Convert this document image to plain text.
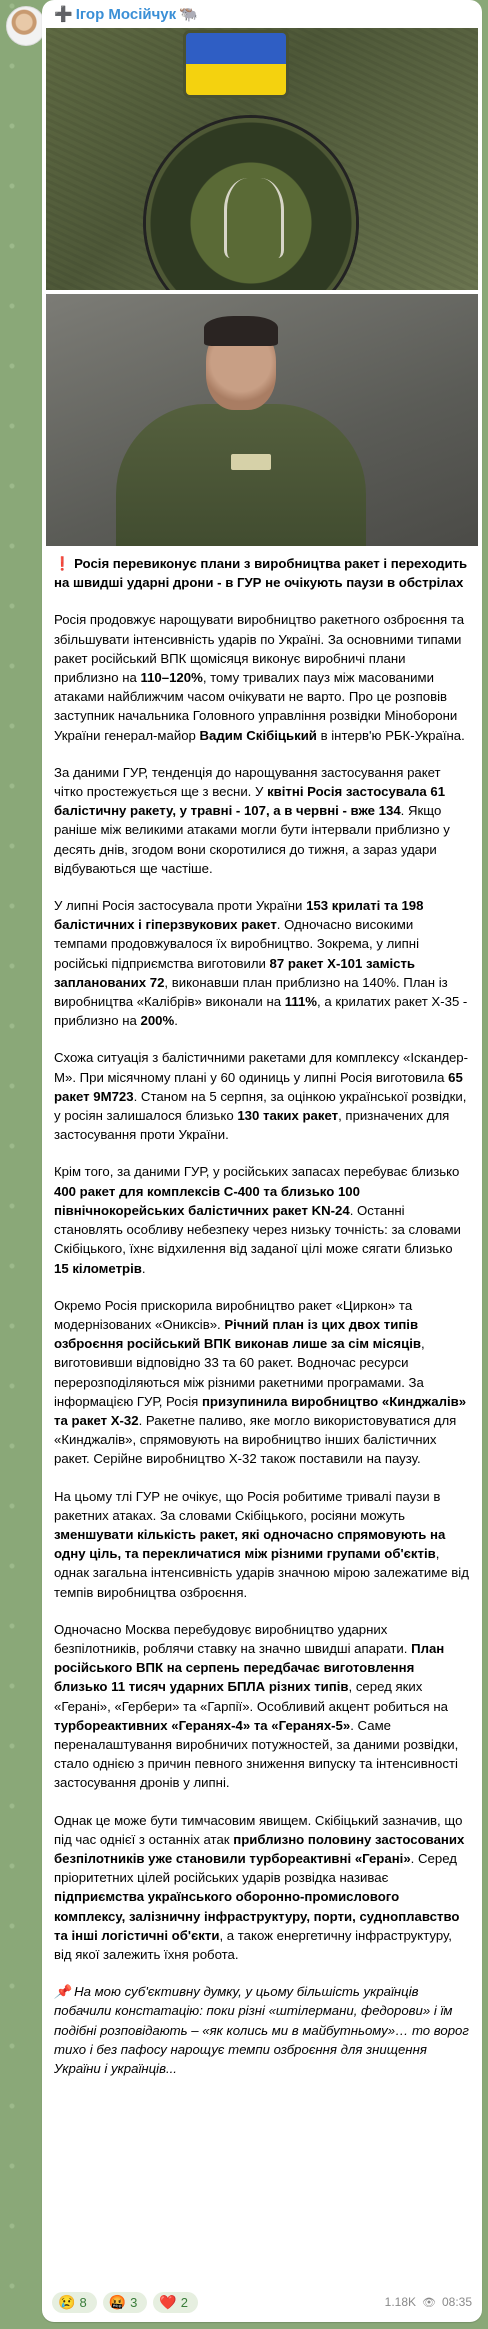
➕ Ігор Мосійчук 🐃

❗ Росія перевиконує плани з виробництва ракет і переходить на швидші ударні дрони - в ГУР не очікують паузи в обстрілах

Росія продовжує нарощувати виробництво ракетного озброєння та збільшувати інтенсивність ударів по Україні. За основними типами ракет російський ВПК щомісяця виконує виробничі плани приблизно на 110–120%, тому тривалих пауз між масованими атаками найближчим часом очікувати не варто. Про це розповів заступник начальника Головного управління розвідки Міноборони України генерал-майор Вадим Скібіцький в інтерв'ю РБК-Україна.

За даними ГУР, тенденція до нарощування застосування ракет чітко простежується ще з весни. У квітні Росія застосувала 61 балістичну ракету, у травні - 107, а в червні - вже 134. Якщо раніше між великими атаками могли бути інтервали приблизно у десять днів, згодом вони скоротилися до тижня, а зараз удари відбуваються ще частіше.

У липні Росія застосувала проти України 153 крилаті та 198 балістичних і гіперзвукових ракет. Одночасно високими темпами продовжувалося їх виробництво. Зокрема, у липні російські підприємства виготовили 87 ракет Х-101 замість запланованих 72, виконавши план приблизно на 140%. План із виробництва «Калібрів» виконали на 111%, а крилатих ракет Х-35 - приблизно на 200%.

Схожа ситуація з балістичними ракетами для комплексу «Іскандер-М». При місячному плані у 60 одиниць у липні Росія виготовила 65 ракет 9М723. Станом на 5 серпня, за оцінкою української розвідки, у росіян залишалося близько 130 таких ракет, призначених для застосування проти України.

Крім того, за даними ГУР, у російських запасах перебуває близько 400 ракет для комплексів С-400 та близько 100 північнокорейських балістичних ракет KN-24. Останні становлять особливу небезпеку через низьку точність: за словами Скібіцького, їхнє відхилення від заданої цілі може сягати близько 15 кілометрів.

Окремо Росія прискорила виробництво ракет «Циркон» та модернізованих «Ониксів». Річний план із цих двох типів озброєння російський ВПК виконав лише за сім місяців, виготовивши відповідно 33 та 60 ракет. Водночас ресурси перерозподіляються між різними ракетними програмами. За інформацією ГУР, Росія призупинила виробництво «Кинджалів» та ракет Х-32. Ракетне паливо, яке могло використовуватися для «Кинджалів», спрямовують на виробництво інших балістичних ракет. Серійне виробництво Х-32 також поставили на паузу.

На цьому тлі ГУР не очікує, що Росія робитиме тривалі паузи в ракетних атаках. За словами Скібіцького, росіяни можуть зменшувати кількість ракет, які одночасно спрямовують на одну ціль, та перекличатися між різними групами об'єктів, однак загальна інтенсивність ударів значною мірою залежатиме від темпів виробництва озброєння.

Одночасно Москва перебудовує виробництво ударних безпілотників, роблячи ставку на значно швидші апарати. План російського ВПК на серпень передбачає виготовлення близько 11 тисяч ударних БПЛА різних типів, серед яких «Герані», «Гербери» та «Гарпії». Особливий акцент робиться на турбореактивних «Геранях-4» та «Геранях-5». Саме переналаштування виробничих потужностей, за даними розвідки, стало однією з причин певного зниження випуску та інтенсивності застосування дронів у липні.

Однак це може бути тимчасовим явищем. Скібіцький зазначив, що під час однієї з останніх атак приблизно половину застосованих безпілотників уже становили турбореактивні «Герані». Серед пріоритетних цілей російських ударів розвідка називає підприємства українського оборонно-промислового комплексу, залізничну інфраструктуру, порти, судноплавство та інші логістичні об'єкти, а також енергетичну інфраструктуру, від якої залежить їхня робота.

📌 На мою суб'єктивну думку, у цьому більшість українців побачили констатацію: поки різні «штілермани, федорови» і їм подібні розповідають – «як колись ми в майбутньому»… то ворог тихо і без пафосу нарощує темпи озброєння для знищення України і українців...

😢 8 🤬 3 ❤️ 2	1.18K 👁 08:35
